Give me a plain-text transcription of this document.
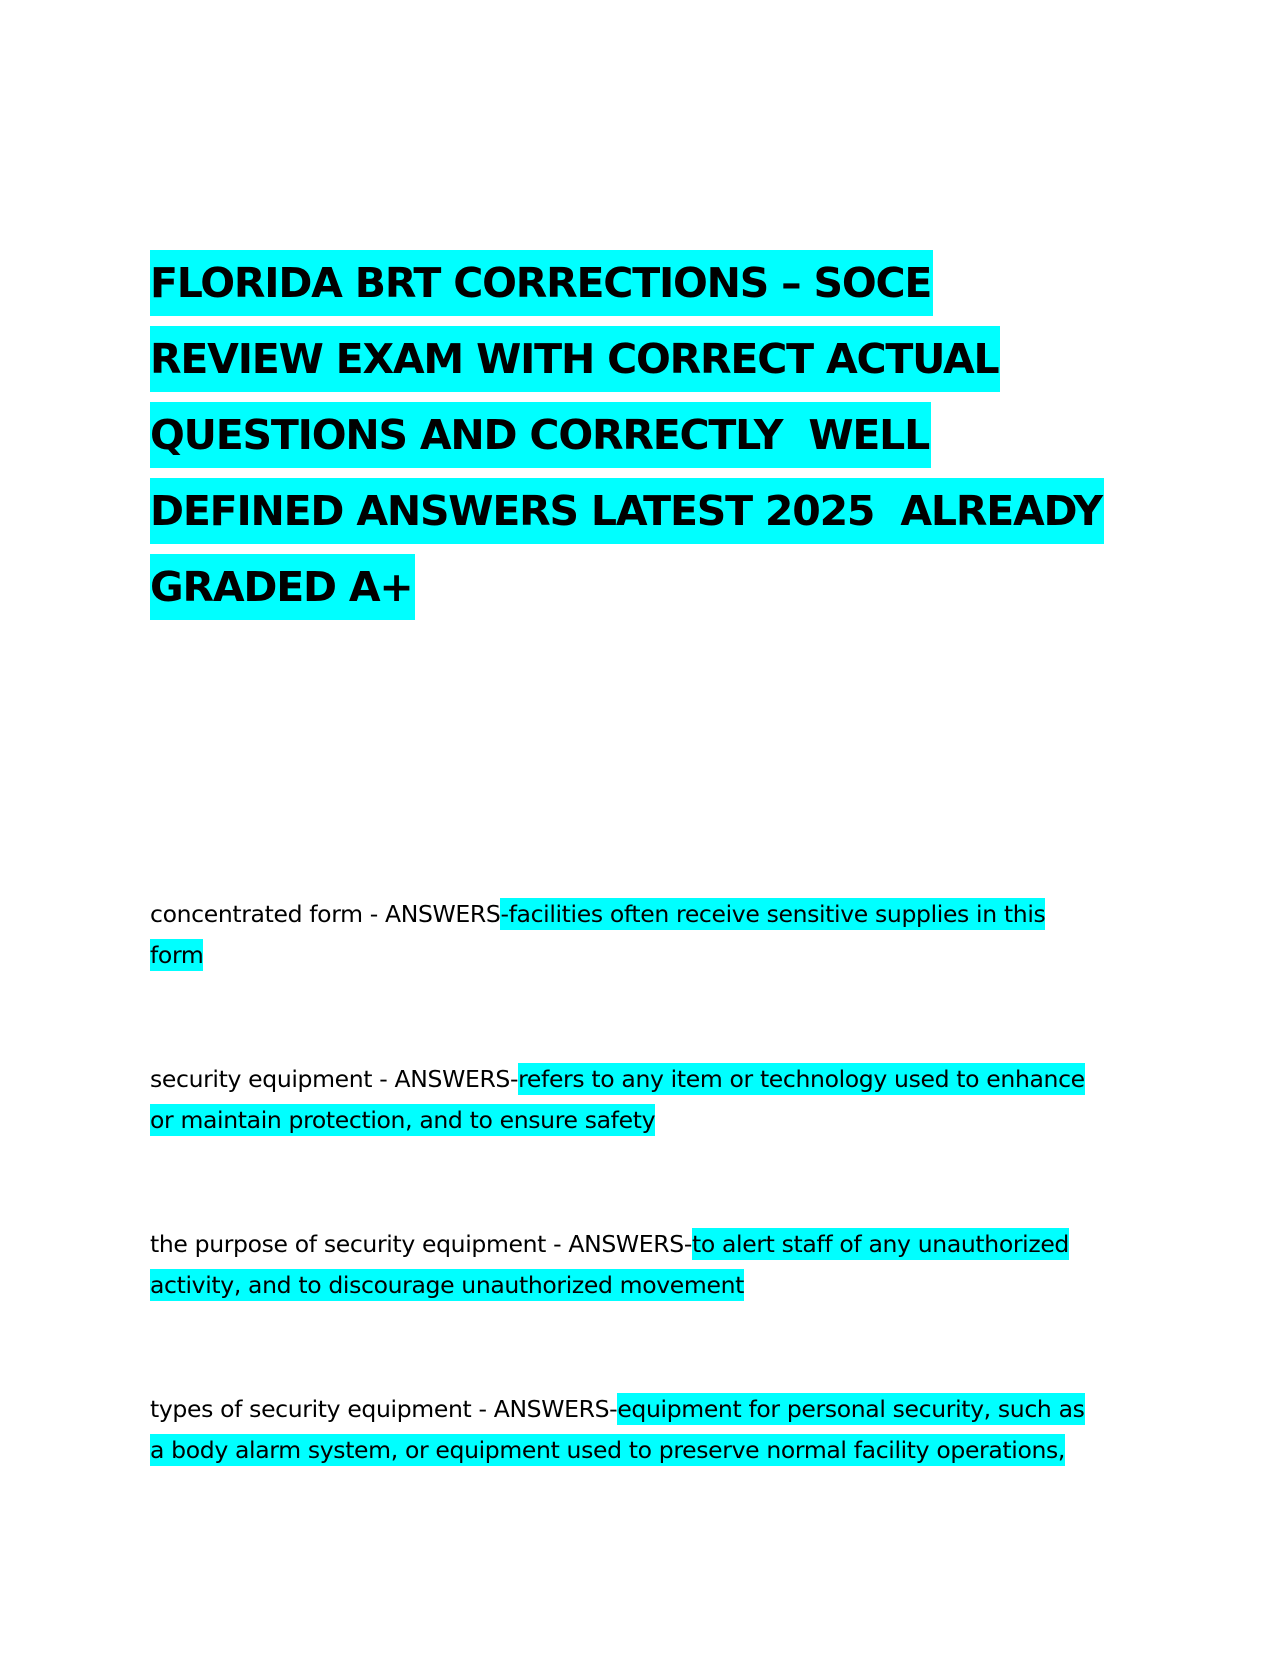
FLORIDA BRT CORRECTIONS – SOCE
REVIEW EXAM WITH CORRECT ACTUAL
QUESTIONS AND CORRECTLY  WELL
DEFINED ANSWERS LATEST 2025  ALREADY
GRADED A+
concentrated form - ANSWERS-facilities often receive sensitive supplies in this
form
security equipment - ANSWERS-refers to any item or technology used to enhance
or maintain protection, and to ensure safety
the purpose of security equipment - ANSWERS-to alert staff of any unauthorized
activity, and to discourage unauthorized movement
types of security equipment - ANSWERS-equipment for personal security, such as
a body alarm system, or equipment used to preserve normal facility operations,
